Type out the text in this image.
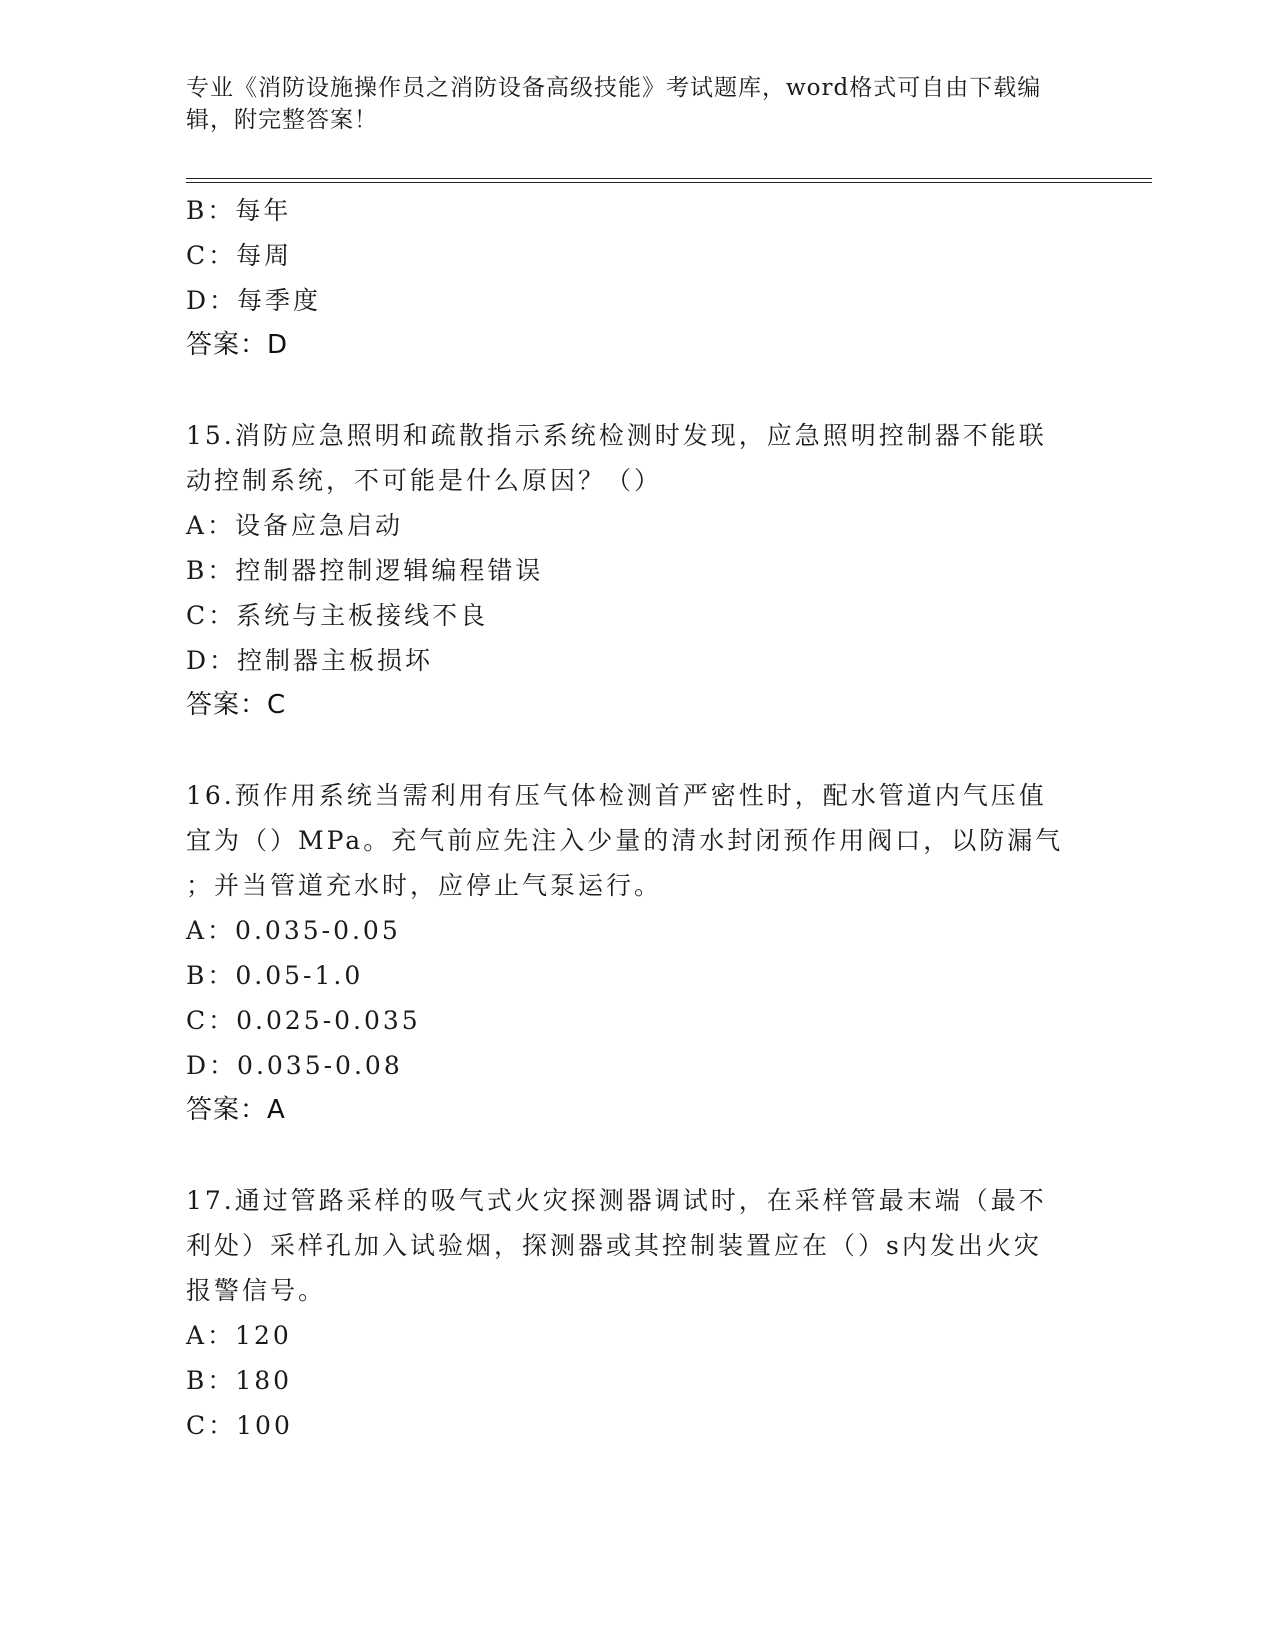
专业《消防设施操作员之消防设备高级技能》考试题库，word格式可自由下载编
辑，附完整答案！
B：每年
C：每周
D：每季度
答案：D
15.消防应急照明和疏散指示系统检测时发现，应急照明控制器不能联
动控制系统，不可能是什么原因？（）
A：设备应急启动
B：控制器控制逻辑编程错误
C：系统与主板接线不良
D：控制器主板损坏
答案：C
16.预作用系统当需利用有压气体检测首严密性时，配水管道内气压值
宜为（）MPa。充气前应先注入少量的清水封闭预作用阀口，以防漏气
；并当管道充水时，应停止气泵运行。
A：0.035-0.05
B：0.05-1.0
C：0.025-0.035
D：0.035-0.08
答案：A
17.通过管路采样的吸气式火灾探测器调试时，在采样管最末端（最不
利处）采样孔加入试验烟，探测器或其控制装置应在（）s内发出火灾
报警信号。
A：120
B：180
C：100
